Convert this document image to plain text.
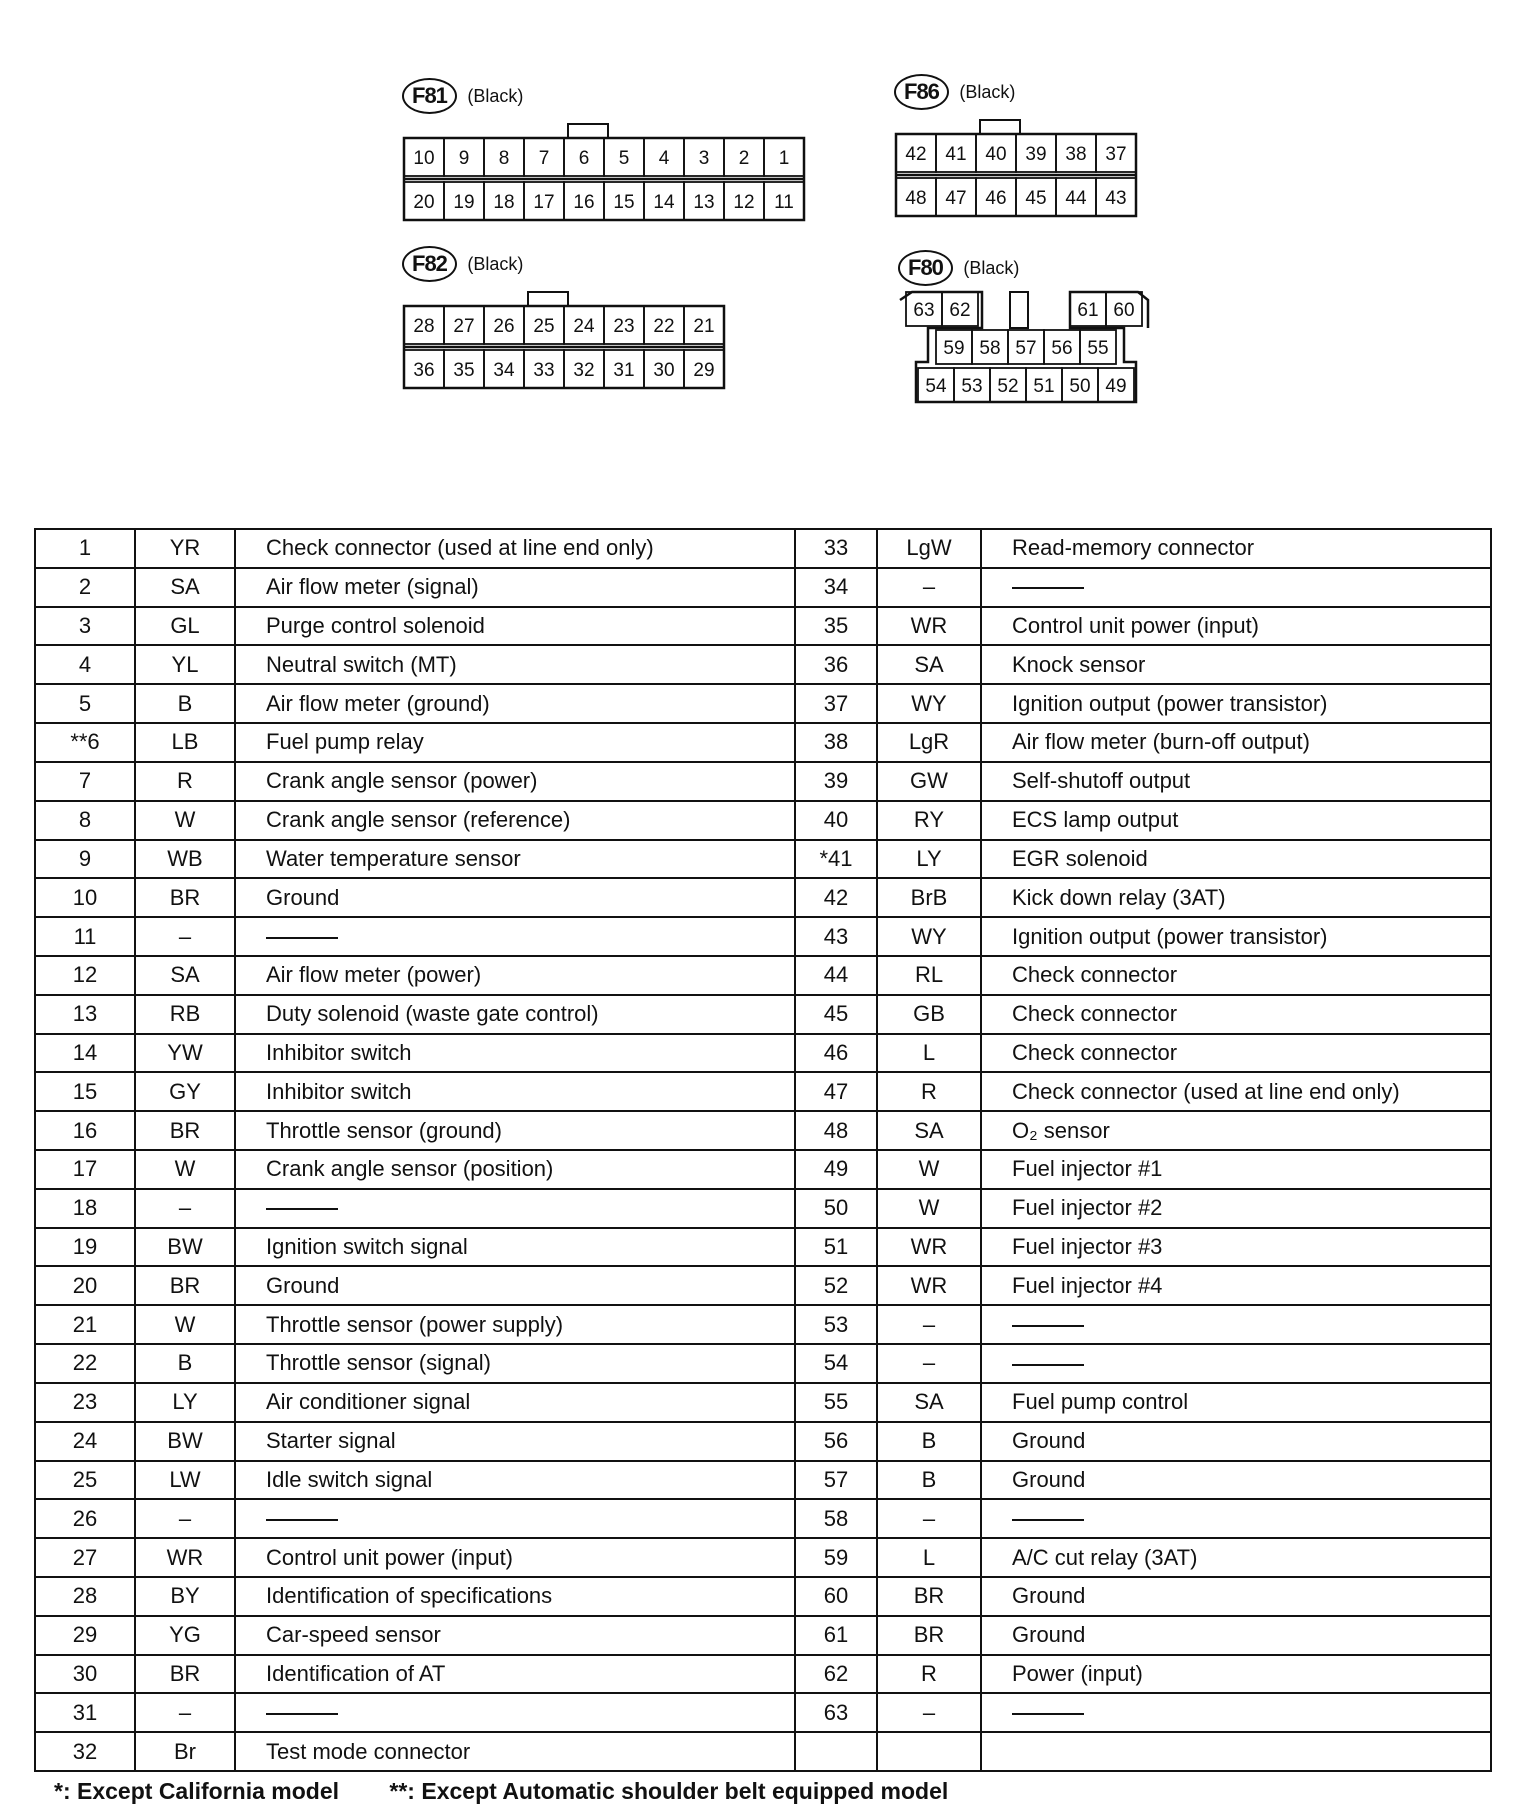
F81 (Black)
10 9 8 7 6 5 4 3 2 1
20 19 18 17 16 15 14 13 12 11
F86 (Black)
42 41 40 39 38 37
48 47 46 45 44 43
F82 (Black)
28 27 26 25 24 23 22 21
36 35 34 33 32 31 30 29
F80 (Black)
63 62	61 60
59 58 57 56 55
54 53 52 51 50 49
1	YR	Check connector (used at line end only)	33	LgW	Read-memory connector
2	SA	Air flow meter (signal)	34	–	
3	GL	Purge control solenoid	35	WR	Control unit power (input)
4	YL	Neutral switch (MT)	36	SA	Knock sensor
5	B	Air flow meter (ground)	37	WY	Ignition output (power transistor)
**6	LB	Fuel pump relay	38	LgR	Air flow meter (burn-off output)
7	R	Crank angle sensor (power)	39	GW	Self-shutoff output
8	W	Crank angle sensor (reference)	40	RY	ECS lamp output
9	WB	Water temperature sensor	*41	LY	EGR solenoid
10	BR	Ground	42	BrB	Kick down relay (3AT)
11	–		43	WY	Ignition output (power transistor)
12	SA	Air flow meter (power)	44	RL	Check connector
13	RB	Duty solenoid (waste gate control)	45	GB	Check connector
14	YW	Inhibitor switch	46	L	Check connector
15	GY	Inhibitor switch	47	R	Check connector (used at line end only)
16	BR	Throttle sensor (ground)	48	SA	O₂ sensor
17	W	Crank angle sensor (position)	49	W	Fuel injector #1
18	–		50	W	Fuel injector #2
19	BW	Ignition switch signal	51	WR	Fuel injector #3
20	BR	Ground	52	WR	Fuel injector #4
21	W	Throttle sensor (power supply)	53	–	
22	B	Throttle sensor (signal)	54	–	
23	LY	Air conditioner signal	55	SA	Fuel pump control
24	BW	Starter signal	56	B	Ground
25	LW	Idle switch signal	57	B	Ground
26	–		58	–	
27	WR	Control unit power (input)	59	L	A/C cut relay (3AT)
28	BY	Identification of specifications	60	BR	Ground
29	YG	Car-speed sensor	61	BR	Ground
30	BR	Identification of AT	62	R	Power (input)
31	–		63	–	
32	Br	Test mode connector			
*: Except California model **: Except Automatic shoulder belt equipped model
